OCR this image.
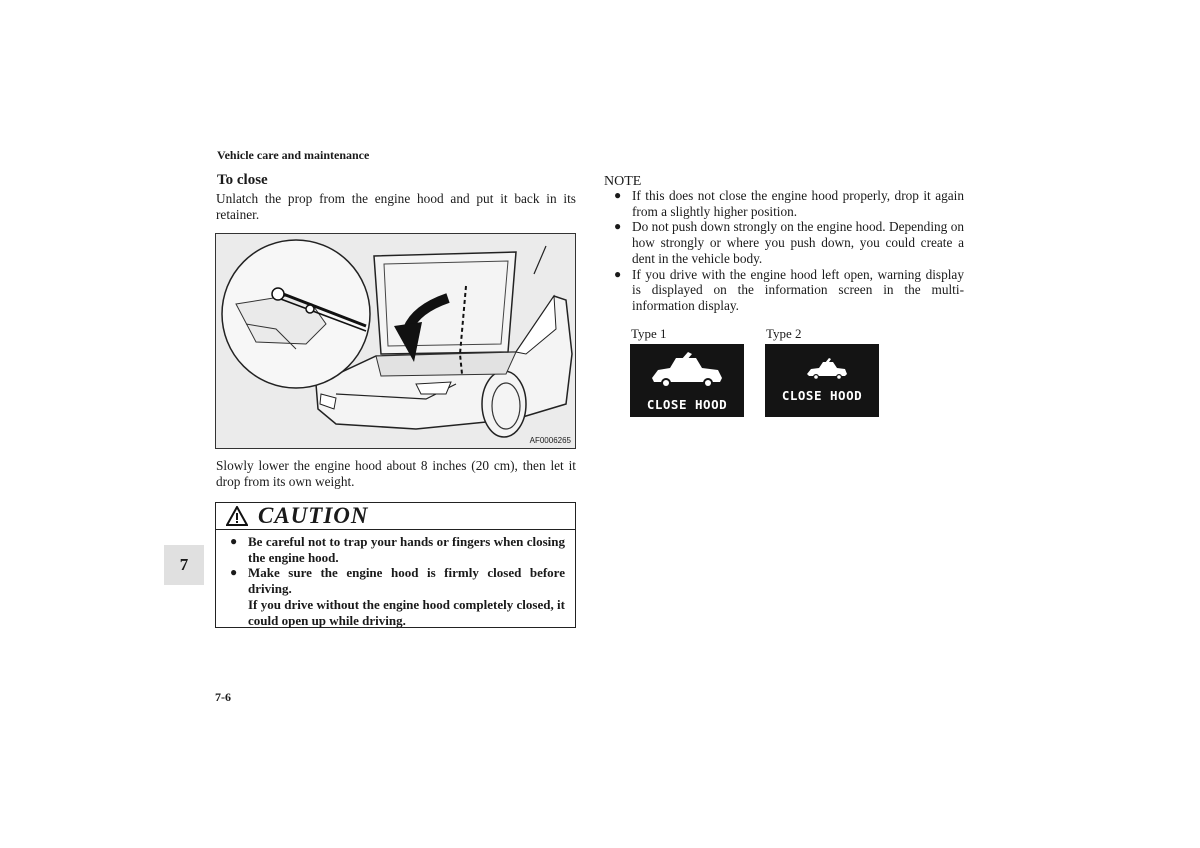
Vehicle care and maintenance
To close
Unlatch the prop from the engine hood and put it back in its retainer.
AF0006265
Slowly lower the engine hood about 8 inches (20 cm), then let it drop from its own weight.
CAUTION
● Be careful not to trap your hands or fingers when closing the engine hood.
● Make sure the engine hood is firmly closed before driving.
If you drive without the engine hood completely closed, it could open up while driving.
7
7-6
NOTE
● If this does not close the engine hood properly, drop it again from a slightly higher position.
● Do not push down strongly on the engine hood. Depending on how strongly or where you push down, you could create a dent in the vehicle body.
● If you drive with the engine hood left open, warning display is displayed on the information screen in the multi-information display.
Type 1	Type 2
CLOSE HOOD
CLOSE HOOD
